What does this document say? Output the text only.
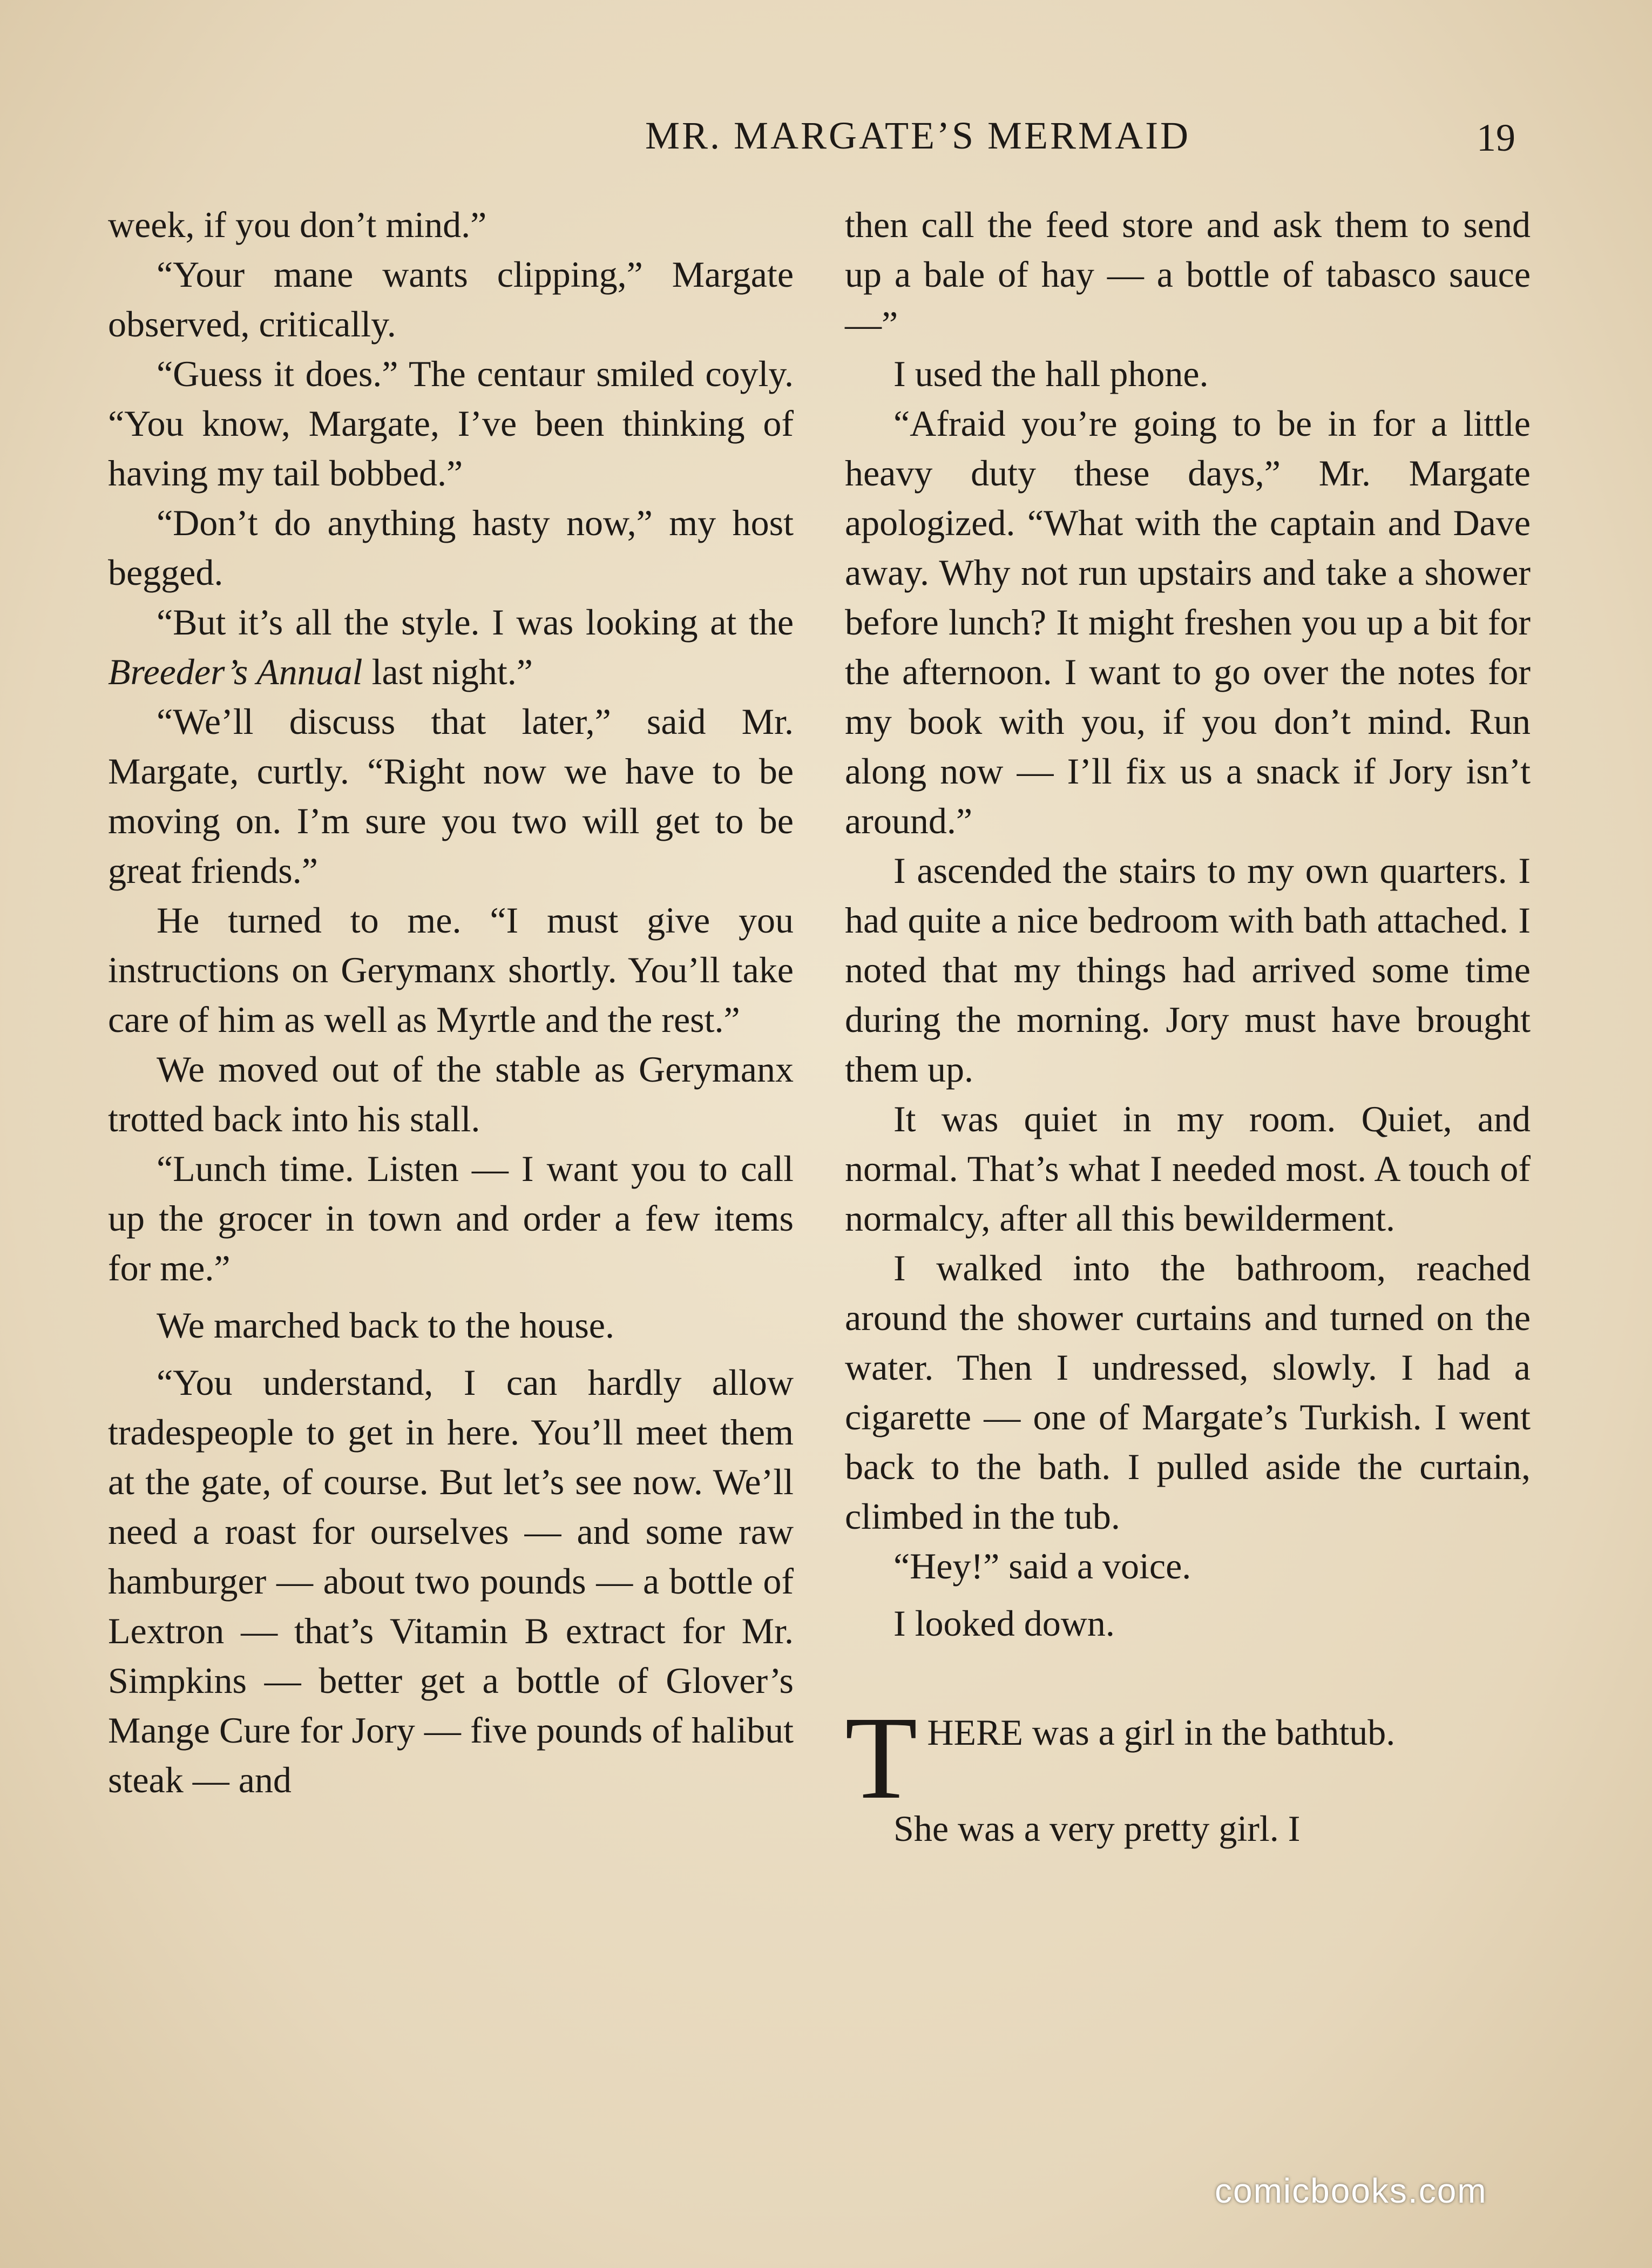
MR. MARGATE’S MERMAID	19

week, if you don’t mind.”

“Your mane wants clipping,” Margate observed, critically.

“Guess it does.” The centaur smiled coyly. “You know, Margate, I’ve been thinking of having my tail bobbed.”

“Don’t do anything hasty now,” my host begged.

“But it’s all the style. I was looking at the Breeder’s Annual last night.”

“We’ll discuss that later,” said Mr. Margate, curtly. “Right now we have to be moving on. I’m sure you two will get to be great friends.”

He turned to me. “I must give you instructions on Gerymanx shortly. You’ll take care of him as well as Myrtle and the rest.”

We moved out of the stable as Gerymanx trotted back into his stall.

“Lunch time. Listen — I want you to call up the grocer in town and order a few items for me.”

We marched back to the house.

“You understand, I can hardly allow tradespeople to get in here. You’ll meet them at the gate, of course. But let’s see now. We’ll need a roast for ourselves — and some raw hamburger — about two pounds — a bottle of Lextron — that’s Vitamin B extract for Mr. Simpkins — better get a bottle of Glover’s Mange Cure for Jory — five pounds of halibut steak — and

then call the feed store and ask them to send up a bale of hay — a bottle of tabasco sauce—”

I used the hall phone.

“Afraid you’re going to be in for a little heavy duty these days,” Mr. Margate apologized. “What with the captain and Dave away. Why not run upstairs and take a shower before lunch? It might freshen you up a bit for the afternoon. I want to go over the notes for my book with you, if you don’t mind. Run along now — I’ll fix us a snack if Jory isn’t around.”

I ascended the stairs to my own quarters. I had quite a nice bedroom with bath attached. I noted that my things had arrived some time during the morning. Jory must have brought them up.

It was quiet in my room. Quiet, and normal. That’s what I needed most. A touch of normalcy, after all this bewilderment.

I walked into the bathroom, reached around the shower curtains and turned on the water. Then I undressed, slowly. I had a cigarette — one of Margate’s Turkish. I went back to the bath. I pulled aside the curtain, climbed in the tub.

“Hey!” said a voice.

I looked down.

THERE was a girl in the bathtub.

She was a very pretty girl. I

comicbooks.com
